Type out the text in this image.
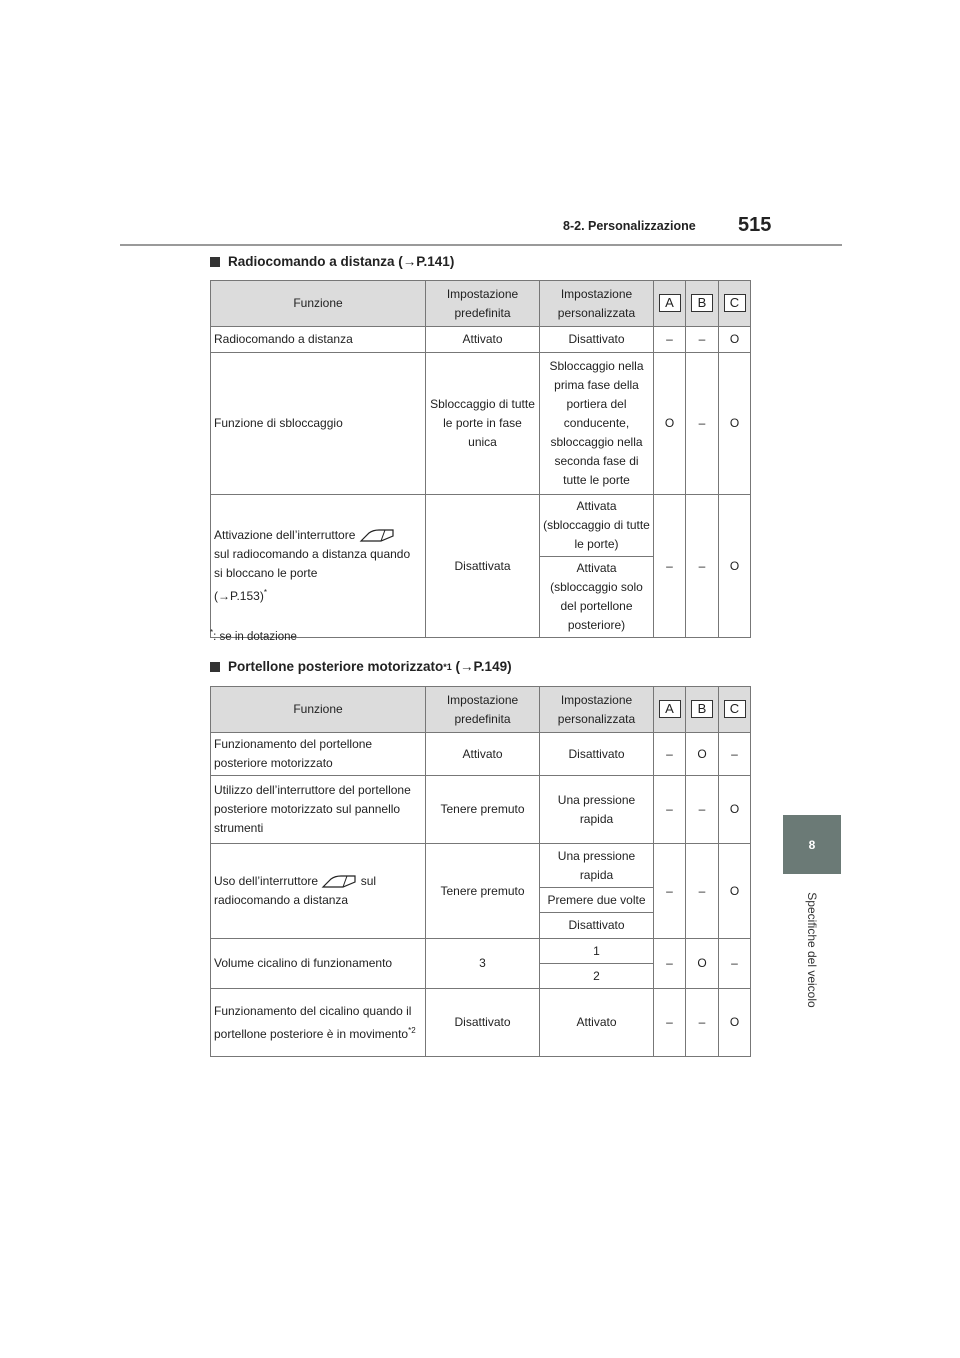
8-2. Personalizzazione 515
8
Specifiche del veicolo
Radiocomando a distanza ( → P.141)
Funzione	Impostazione predefinita	Impostazione personalizzata	A	B	C
Radiocomando a distanza	Attivato	Disattivato	–	–	O
Funzione di sbloccaggio	Sbloccaggio di tutte le porte in fase unica	Sbloccaggio nella prima fase della portiera del conducente, sbloccaggio nella seconda fase di tutte le porte	O	–	O
Attivazione dell’interruttore
sul radiocomando a distanza quando si bloccano le porte
(→P.153)*	Disattivata	Attivata (sbloccaggio di tutte le porte)	–	–	O
		Attivata (sbloccaggio solo del portellone posteriore)			
*: se in dotazione
Portellone posteriore motorizzato *1 ( → P.149)
Funzione	Impostazione predefinita	Impostazione personalizzata	A	B	C
Funzionamento del portellone posteriore motorizzato	Attivato	Disattivato	–	O	–
Utilizzo dell’interruttore del portellone posteriore motorizzato sul pannello strumenti	Tenere premuto	Una pressione rapida	–	–	O
Uso dell’interruttore sul radiocomando a distanza	Tenere premuto	Una pressione rapida	–	–	O
		Premere due volte			
		Disattivato			
Volume cicalino di funzionamento	3	1	–	O	–
		2			
Funzionamento del cicalino quando il portellone posteriore è in movimento$^{*2}$	Disattivato	Attivato	–	–	O
